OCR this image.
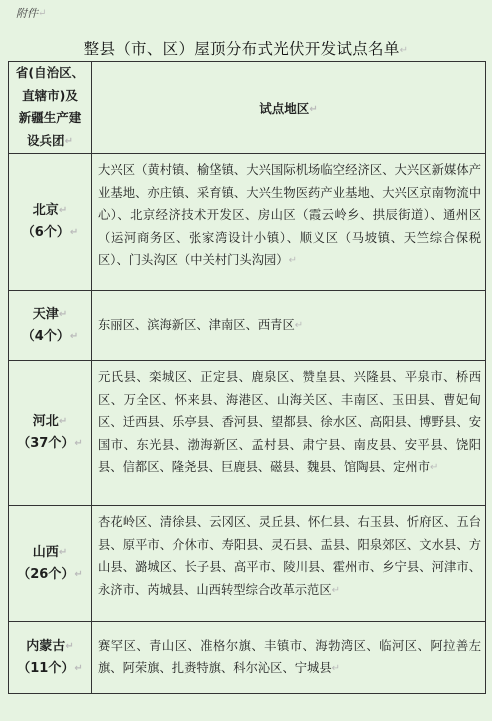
附件↵
整县（市、区）屋顶分布式光伏开发试点名单↵
省(自治区、
直辖市)及
新疆生产建
设兵团↵	试点地区↵

北京↵
（6个）↵	大兴区（黄村镇、榆垡镇、大兴国际机场临空经济区、大兴区新媒体产业基地、亦庄镇、采育镇、大兴生物医药产业基地、大兴区京南物流中心）、北京经济技术开发区、房山区（霞云岭乡、拱辰街道）、通州区（运河商务区、张家湾设计小镇）、顺义区（马坡镇、天竺综合保税区）、门头沟区（中关村门头沟园）↵

天津↵
（4个）↵	东丽区、滨海新区、津南区、西青区↵

河北↵
（37个）↵	元氏县、栾城区、正定县、鹿泉区、赞皇县、兴隆县、平泉市、桥西区、万全区、怀来县、海港区、山海关区、丰南区、玉田县、曹妃甸区、迁西县、乐亭县、香河县、望都县、徐水区、高阳县、博野县、安国市、东光县、渤海新区、孟村县、肃宁县、南皮县、安平县、饶阳县、信都区、隆尧县、巨鹿县、磁县、魏县、馆陶县、定州市↵

山西↵
（26个）↵	杏花岭区、清徐县、云冈区、灵丘县、怀仁县、右玉县、忻府区、五台县、原平市、介休市、寿阳县、灵石县、盂县、阳泉郊区、文水县、方山县、潞城区、长子县、高平市、陵川县、霍州市、乡宁县、河津市、永济市、芮城县、山西转型综合改革示范区↵

内蒙古↵
（11个）↵	赛罕区、青山区、准格尔旗、丰镇市、海勃湾区、临河区、阿拉善左旗、阿荣旗、扎赉特旗、科尔沁区、宁城县↵
